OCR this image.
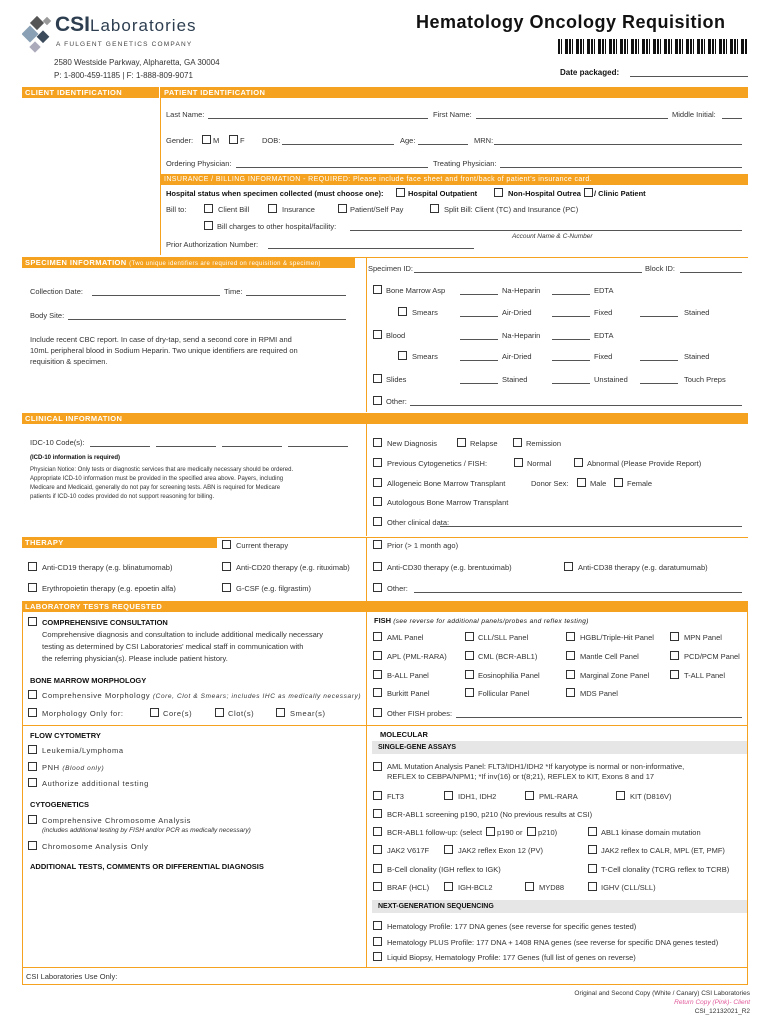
CSILaboratories
A FULGENT GENETICS COMPANY
2580 Westside Parkway, Alpharetta, GA 30004
P: 1-800-459-1185 | F: 1-888-809-9071
Hematology Oncology Requisition
Date packaged:
CLIENT IDENTIFICATION	PATIENT IDENTIFICATION
Last Name:	First Name:	Middle Initial:
Gender:	M	F DOB:	Age:	MRN:
Ordering Physician:	Treating Physician:
INSURANCE / BILLING INFORMATION - REQUIRED: Please include face sheet and front/back of patient's insurance card.
Hospital status when specimen collected (must choose one):	Hospital Outpatient	Non-Hospital Outrea / Clinic Patient
Bill to:	Client Bill	Insurance	Patient/Self Pay	Split Bill: Client (TC) and Insurance (PC)
Bill charges to other hospital/facility:
Account Name & C-Number
Prior Authorization Number:
SPECIMEN INFORMATION (Two unique identifiers are required on requisition & specimen)
Collection Date:	Time:
Body Site:
Include recent CBC report. In case of dry-tap, send a second core in RPMI and
10mL peripheral blood in Sodium Heparin. Two unique identifiers are required on
requisition & specimen.
Specimen ID:	Block ID:
Bone Marrow Asp	Na-Heparin	EDTA
Smears	Air-Dried	Fixed	Stained
Blood	Na-Heparin	EDTA
Smears	Air-Dried	Fixed	Stained
Slides	Stained	Unstained	Touch Preps
Other:
CLINICAL INFORMATION
IDC-10 Code(s):
(ICD-10 information is required)
Physician Notice: Only tests or diagnostic services that are medically necessary should be ordered.
Appropriate ICD-10 information must be provided in the specified area above. Payers, including
Medicare and Medicaid, generally do not pay for screening tests. ABN is required for Medicare
patients if ICD-10 codes provided do not support reasoning for billing.
New Diagnosis	Relapse	Remission
Previous Cytogenetics / FISH:	Normal	Abnormal (Please Provide Report)
Allogeneic Bone Marrow Transplant	Donor Sex:	Male	Female
Autologous Bone Marrow Transplant
Other clinical data:
THERAPY	Current therapy	Prior (> 1 month ago)
Anti-CD19 therapy (e.g. blinatumomab)	Anti-CD20 therapy (e.g. rituximab)	Anti-CD30 therapy (e.g. brentuximab)	Anti-CD38 therapy (e.g. daratumumab)
Erythropoietin therapy (e.g. epoetin alfa)	G-CSF (e.g. filgrastim)	Other:
LABORATORY TESTS REQUESTED
COMPREHENSIVE CONSULTATION
Comprehensive diagnosis and consultation to include additional medically necessary
testing as determined by CSI Laboratories' medical staff in communication with
the referring physician(s). Please include patient history.
BONE MARROW MORPHOLOGY
Comprehensive Morphology (Core, Clot & Smears; includes IHC as medically necessary)
Morphology Only for:	Core(s)	Clot(s)	Smear(s)
FLOW CYTOMETRY
Leukemia/Lymphoma
PNH (Blood only)
Authorize additional testing
CYTOGENETICS
Comprehensive Chromosome Analysis
(includes additional testing by FISH and/or PCR as medically necessary)
Chromosome Analysis Only
ADDITIONAL TESTS, COMMENTS OR DIFFERENTIAL DIAGNOSIS
CSI Laboratories Use Only:
FISH (see reverse for additional panels/probes and reflex testing)
AML Panel	CLL/SLL Panel	HGBL/Triple-Hit Panel	MPN Panel
APL (PML-RARA)	CML (BCR-ABL1)	Mantle Cell Panel	PCD/PCM Panel
B-ALL Panel	Eosinophilia Panel	Marginal Zone Panel	T-ALL Panel
Burkitt Panel	Follicular Panel	MDS Panel
Other FISH probes:
MOLECULAR
SINGLE-GENE ASSAYS
AML Mutation Analysis Panel: FLT3/IDH1/IDH2 *If karyotype is normal or non-informative,
REFLEX to CEBPA/NPM1; *If inv(16) or t(8;21), REFLEX to KIT, Exons 8 and 17
FLT3	IDH1, IDH2	PML-RARA	KIT (D816V)
BCR-ABL1 screening p190, p210 (No previous results at CSI)
BCR-ABL1 follow-up: (select p190 or p210)	ABL1 kinase domain mutation
JAK2 V617F	JAK2 reflex Exon 12 (PV)	JAK2 reflex to CALR, MPL (ET, PMF)
B-Cell clonality (IGH reflex to IGK)	T-Cell clonality (TCRG reflex to TCRB)
BRAF (HCL)	IGH-BCL2	MYD88	IGHV (CLL/SLL)
NEXT-GENERATION SEQUENCING
Hematology Profile: 177 DNA genes (see reverse for specific genes tested)
Hematology PLUS Profile: 177 DNA + 1408 RNA genes (see reverse for specific DNA genes tested)
Liquid Biopsy, Hematology Profile: 177 Genes (full list of genes on reverse)
Original and Second Copy (White / Canary) CSI Laboratories
Return Copy (Pink)- Client
CSI_12132021_R2
